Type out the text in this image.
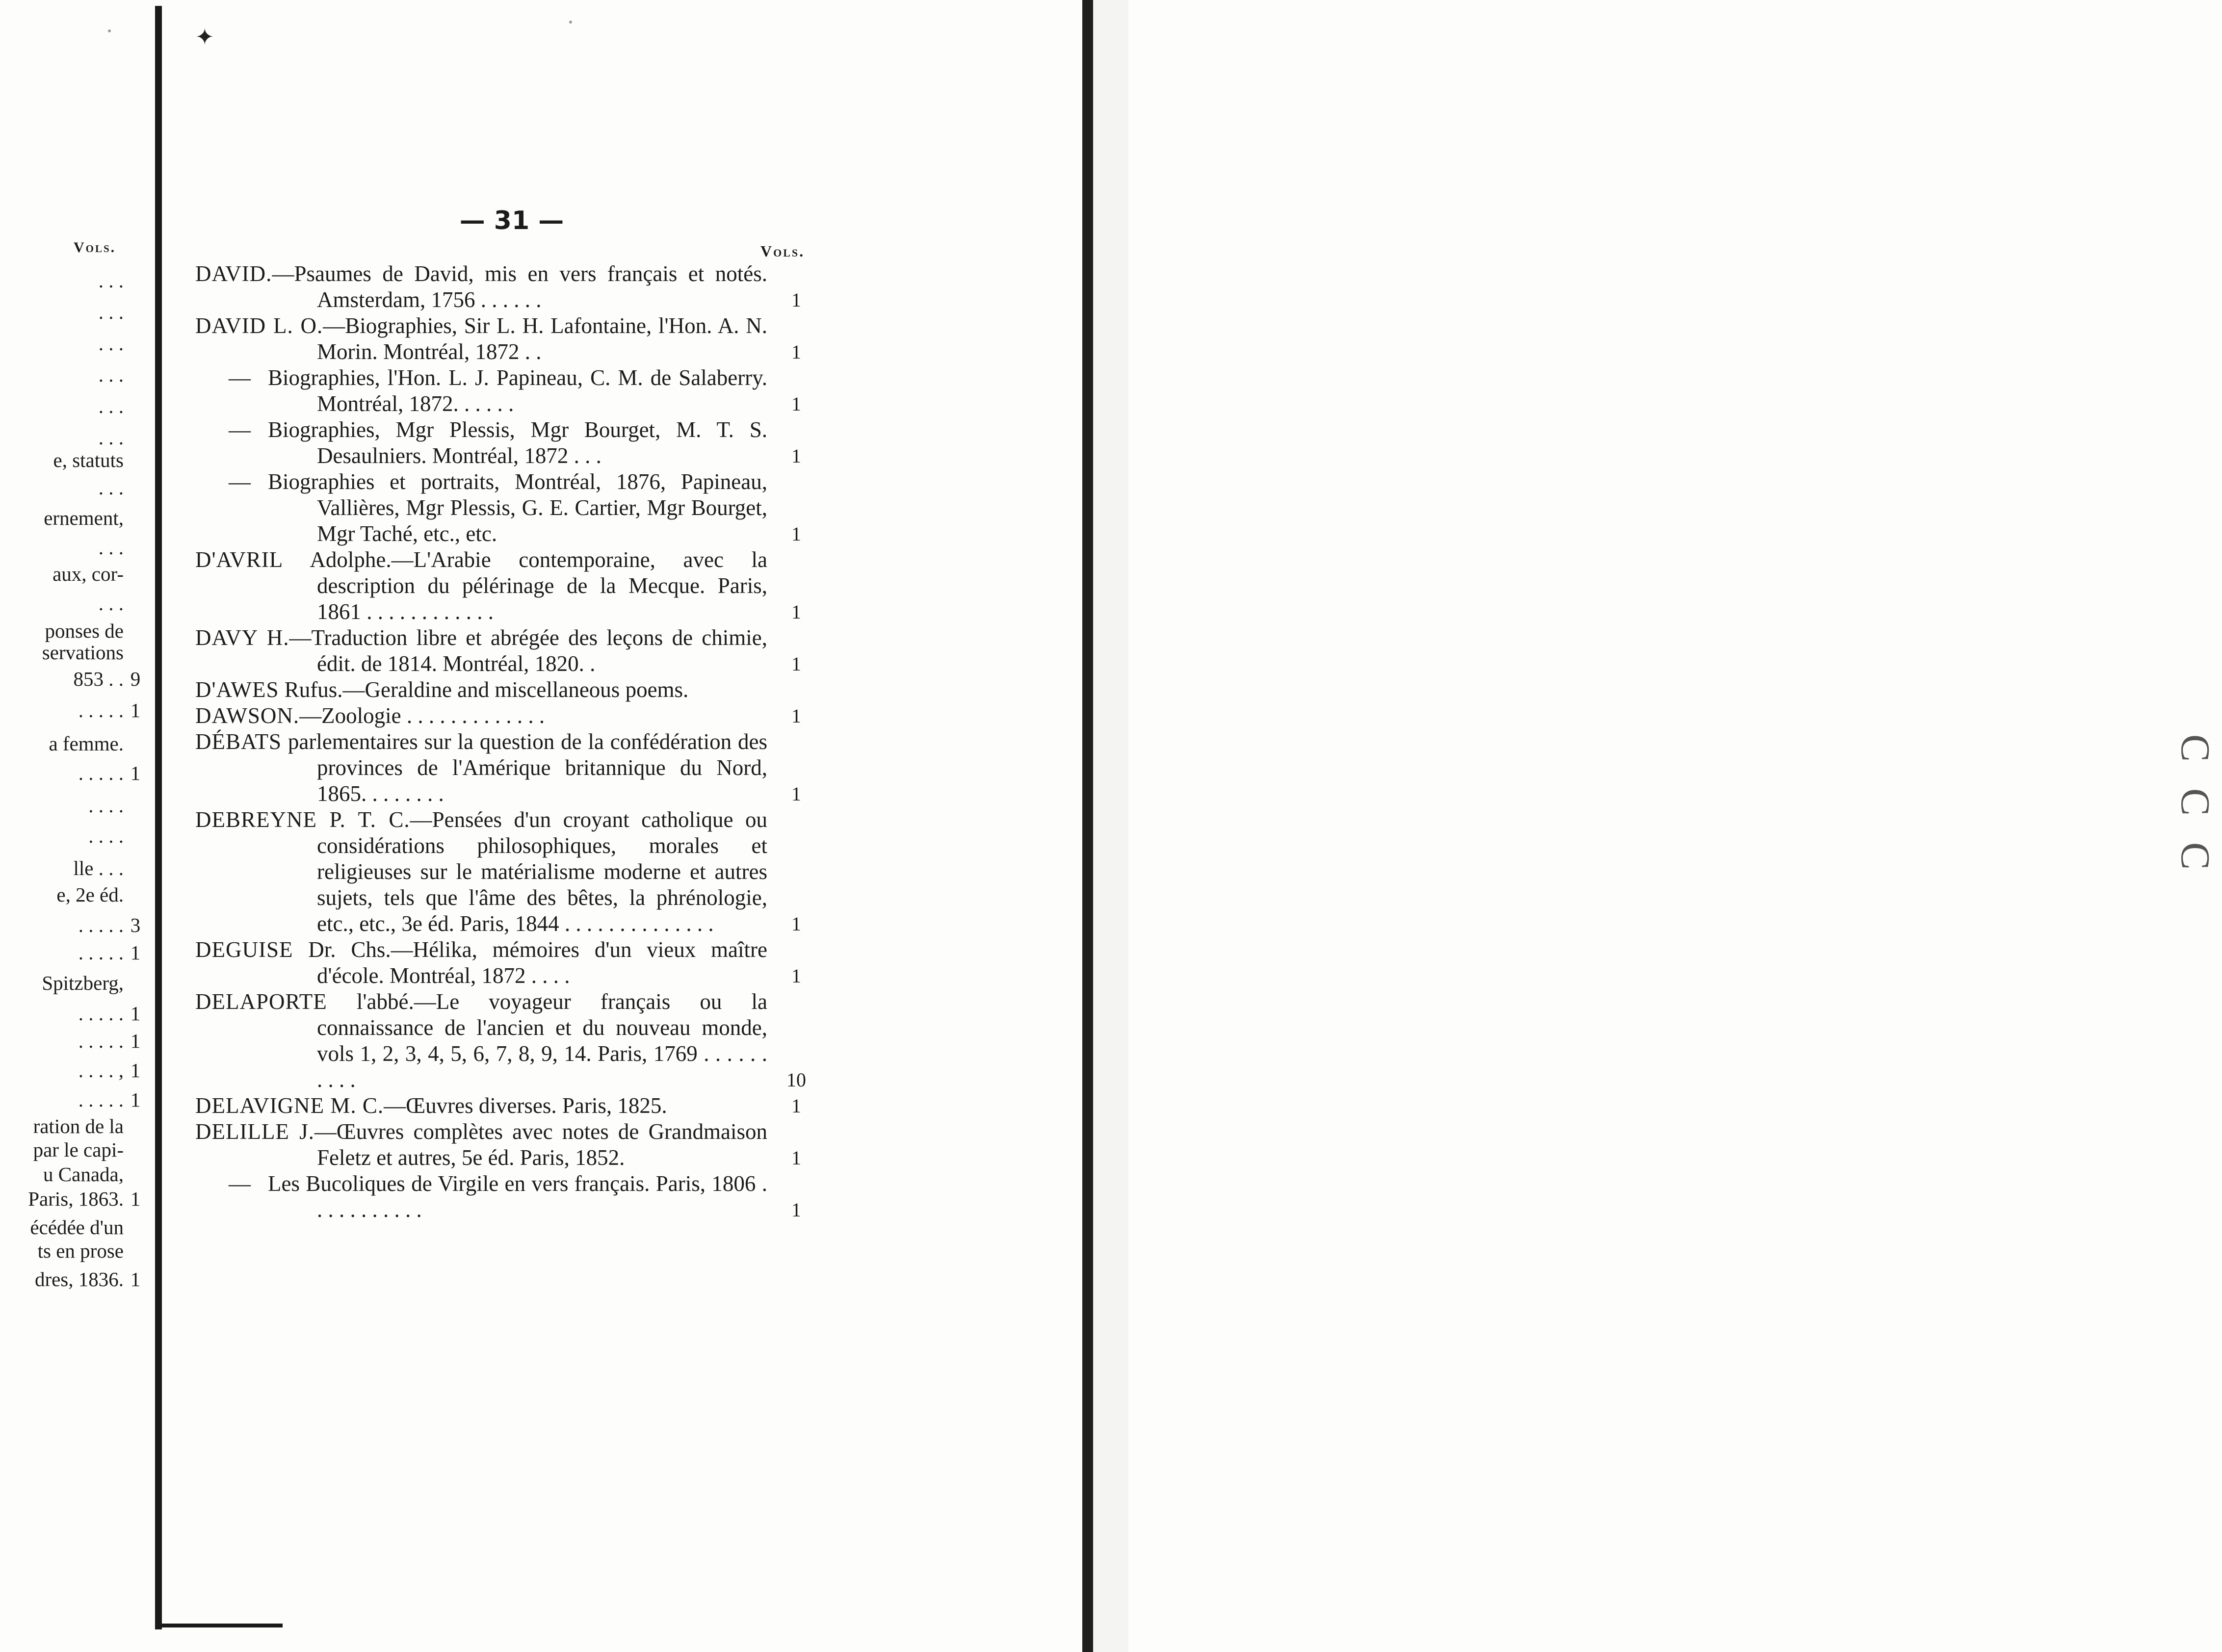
Vols.
. . .
. . .
. . .
. . .
. . .
. . .
e, statuts
. . .
ernement,
. . .
aux, cor-
. . .
ponses de
servations
853 . . 9
. . . . . 1
a femme.
. . . . . 1
. . . .
. . . .
lle . . .
e, 2e éd.
. . . . . 3
. . . . . 1
Spitzberg,
. . . . . 1
. . . . . 1
. . . . , 1
. . . . . 1
ration de la
par le capi-
u Canada,
Paris, 1863. 1
écédée d'un
ts en prose
dres, 1836. 1
✦
— 31 —
Vols.
DAVID.—Psaumes de David, mis en vers français et notés. Amsterdam, 1756 . . . . . .	1
DAVID L. O.—Biographies, Sir L. H. Lafontaine, l'Hon. A. N. Morin. Montréal, 1872 . .	1
— Biographies, l'Hon. L. J. Papineau, C. M. de Salaberry. Montréal, 1872. . . . . .	1
— Biographies, Mgr Plessis, Mgr Bourget, M. T. S. Desaulniers. Montréal, 1872 . . .	1
— Biographies et portraits, Montréal, 1876, Papineau, Vallières, Mgr Plessis, G. E. Cartier, Mgr Bourget, Mgr Taché, etc., etc.	1
D'AVRIL Adolphe.—L'Arabie contemporaine, avec la description du pélérinage de la Mecque. Paris, 1861 . . . . . . . . . . . .	1
DAVY H.—Traduction libre et abrégée des leçons de chimie, édit. de 1814. Montréal, 1820. .	1
D'AWES Rufus.—Geraldine and miscellaneous poems.
DAWSON.—Zoologie . . . . . . . . . . . . .	1
DÉBATS parlementaires sur la question de la confédération des provinces de l'Amérique britannique du Nord, 1865. . . . . . . .	1
DEBREYNE P. T. C.—Pensées d'un croyant catholique ou considérations philosophiques, morales et religieuses sur le matérialisme moderne et autres sujets, tels que l'âme des bêtes, la phrénologie, etc., etc., 3e éd. Paris, 1844 . . . . . . . . . . . . . .	1
DEGUISE Dr. Chs.—Hélika, mémoires d'un vieux maître d'école. Montréal, 1872 . . . .	1
DELAPORTE l'abbé.—Le voyageur français ou la connaissance de l'ancien et du nouveau monde, vols 1, 2, 3, 4, 5, 6, 7, 8, 9, 14. Paris, 1769 . . . . . . . . . .	10
DELAVIGNE M. C.—Œuvres diverses. Paris, 1825.	1
DELILLE J.—Œuvres complètes avec notes de Grandmaison Feletz et autres, 5e éd. Paris, 1852.	1
— Les Bucoliques de Virgile en vers français. Paris, 1806 . . . . . . . . . . .	1
C
C
C
